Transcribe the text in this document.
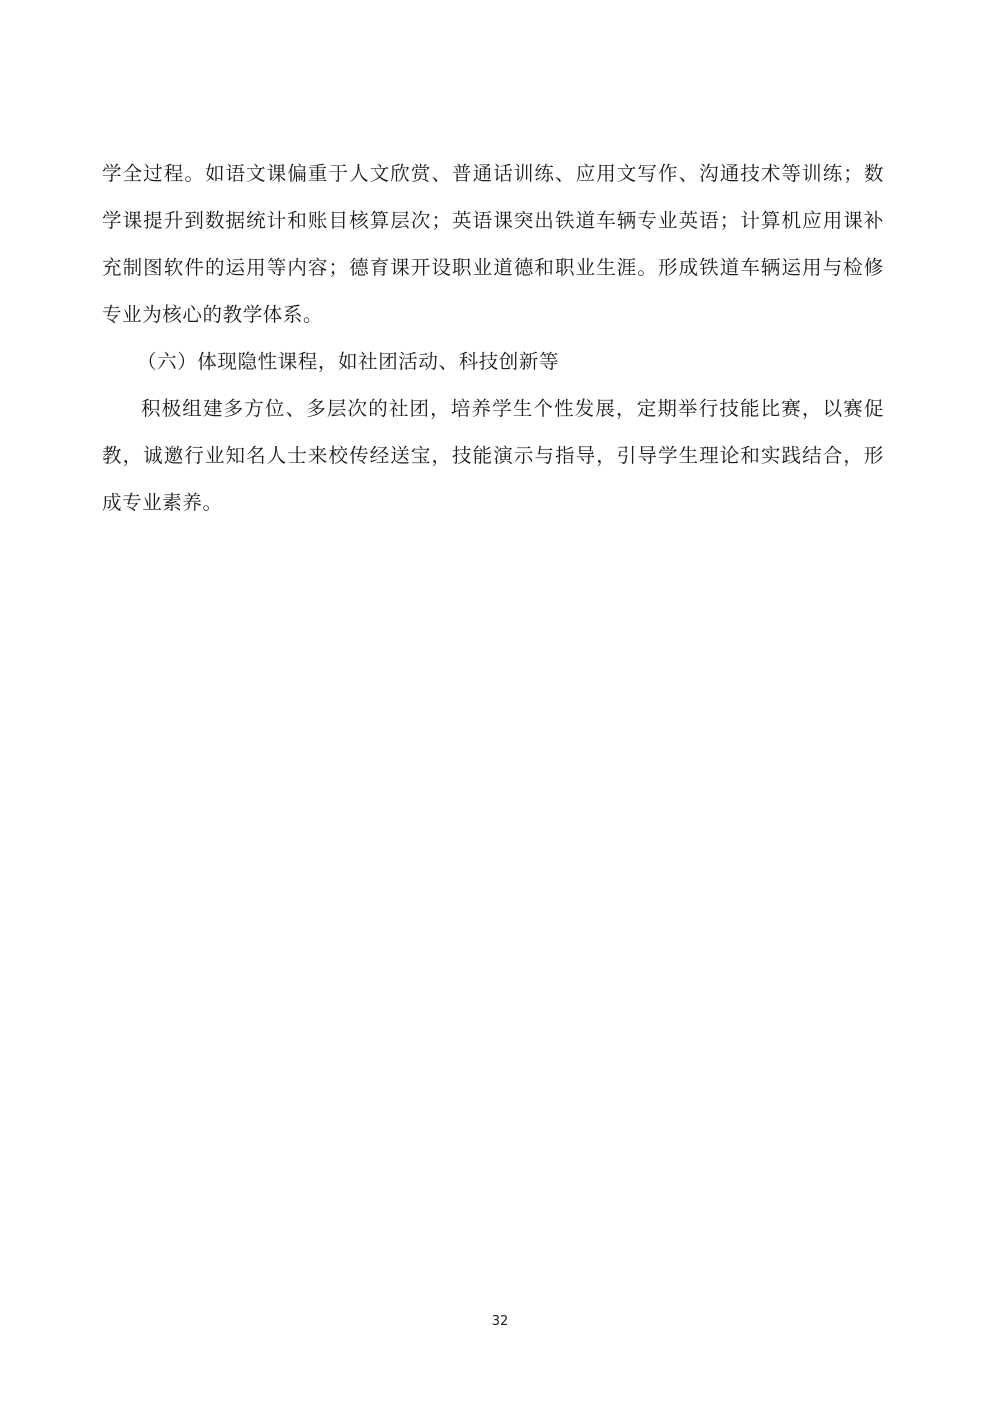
学全过程。如语文课偏重于人文欣赏、普通话训练、应用文写作、沟通技术等训练；数学课提升到数据统计和账目核算层次；英语课突出铁道车辆专业英语；计算机应用课补充制图软件的运用等内容；德育课开设职业道德和职业生涯。形成铁道车辆运用与检修专业为核心的教学体系。

（六）体现隐性课程，如社团活动、科技创新等

积极组建多方位、多层次的社团，培养学生个性发展，定期举行技能比赛，以赛促教，诚邀行业知名人士来校传经送宝，技能演示与指导，引导学生理论和实践结合，形成专业素养。

32
